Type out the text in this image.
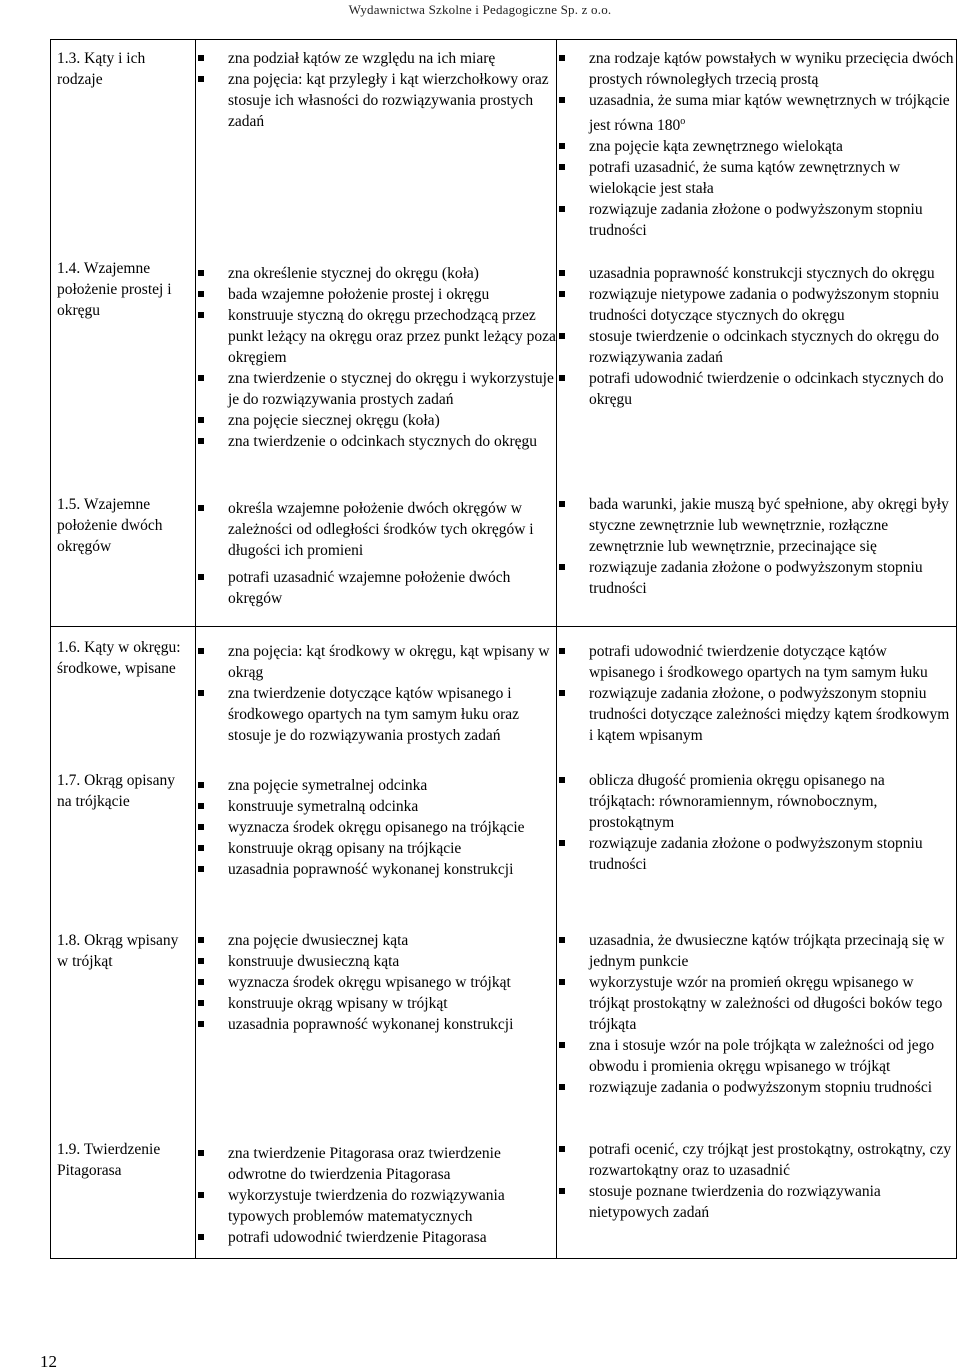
Wydawnictwa Szkolne i Pedagogiczne Sp. z o.o.
1.3. Kąty i ich rodzaje
zna podział kątów ze względu na ich miarę
zna pojęcia: kąt przyległy i kąt wierzchołkowy oraz stosuje ich własności do rozwiązywania prostych zadań
zna rodzaje kątów powstałych w wyniku przecięcia dwóch prostych równoległych trzecią prostą
uzasadnia, że suma miar kątów wewnętrznych w trójkącie jest równa 180$^o$
zna pojęcie kąta zewnętrznego wielokąta
potrafi uzasadnić, że suma kątów zewnętrznych w wielokącie jest stała
rozwiązuje zadania złożone o podwyższonym stopniu trudności
1.4. Wzajemne położenie prostej i okręgu
zna określenie stycznej do okręgu (koła)
bada wzajemne położenie prostej i okręgu
konstruuje styczną do okręgu przechodzącą przez punkt leżący na okręgu oraz przez punkt leżący poza okręgiem
zna twierdzenie o stycznej do okręgu i wykorzystuje je do rozwiązywania prostych zadań
zna pojęcie siecznej okręgu (koła)
zna twierdzenie o odcinkach stycznych do okręgu
uzasadnia poprawność konstrukcji stycznych do okręgu
rozwiązuje nietypowe zadania o podwyższonym stopniu trudności dotyczące stycznych do okręgu
stosuje twierdzenie o odcinkach stycznych do okręgu do rozwiązywania zadań
potrafi udowodnić twierdzenie o odcinkach stycznych do okręgu
1.5. Wzajemne położenie dwóch okręgów
określa wzajemne położenie dwóch okręgów w zależności od odległości środków tych okręgów i długości ich promieni
potrafi uzasadnić wzajemne położenie dwóch okręgów
bada warunki, jakie muszą być spełnione, aby okręgi były styczne zewnętrznie lub wewnętrznie, rozłączne zewnętrznie lub wewnętrznie, przecinające się
rozwiązuje zadania złożone o podwyższonym stopniu trudności
1.6. Kąty w okręgu: środkowe, wpisane
zna pojęcia: kąt środkowy w okręgu, kąt wpisany w okrąg
zna twierdzenie dotyczące kątów wpisanego i środkowego opartych na tym samym łuku oraz stosuje je do rozwiązywania prostych zadań
potrafi udowodnić twierdzenie dotyczące kątów wpisanego i środkowego opartych na tym samym łuku
rozwiązuje zadania złożone, o podwyższonym stopniu trudności dotyczące zależności między kątem środkowym i kątem wpisanym
1.7. Okrąg opisany na trójkącie
zna pojęcie symetralnej odcinka
konstruuje symetralną odcinka
wyznacza środek okręgu opisanego na trójkącie
konstruuje okrąg opisany na trójkącie
uzasadnia poprawność wykonanej konstrukcji
oblicza długość promienia okręgu opisanego na trójkątach: równoramiennym, równobocznym, prostokątnym
rozwiązuje zadania złożone o podwyższonym stopniu trudności
1.8. Okrąg wpisany w trójkąt
zna pojęcie dwusiecznej kąta
konstruuje dwusieczną kąta
wyznacza środek okręgu wpisanego w trójkąt
konstruuje okrąg wpisany w trójkąt
uzasadnia poprawność wykonanej konstrukcji
uzasadnia, że dwusieczne kątów trójkąta przecinają się w jednym punkcie
wykorzystuje wzór na promień okręgu wpisanego w trójkąt prostokątny w zależności od długości boków tego trójkąta
zna i stosuje wzór na pole trójkąta w zależności od jego obwodu i promienia okręgu wpisanego w trójkąt
rozwiązuje zadania o podwyższonym stopniu trudności
1.9. Twierdzenie Pitagorasa
zna twierdzenie Pitagorasa oraz twierdzenie odwrotne do twierdzenia Pitagorasa
wykorzystuje twierdzenia do rozwiązywania typowych problemów matematycznych
potrafi udowodnić twierdzenie Pitagorasa
potrafi ocenić, czy trójkąt jest prostokątny, ostrokątny, czy rozwartokątny oraz to uzasadnić
stosuje poznane twierdzenia do rozwiązywania nietypowych zadań
12
